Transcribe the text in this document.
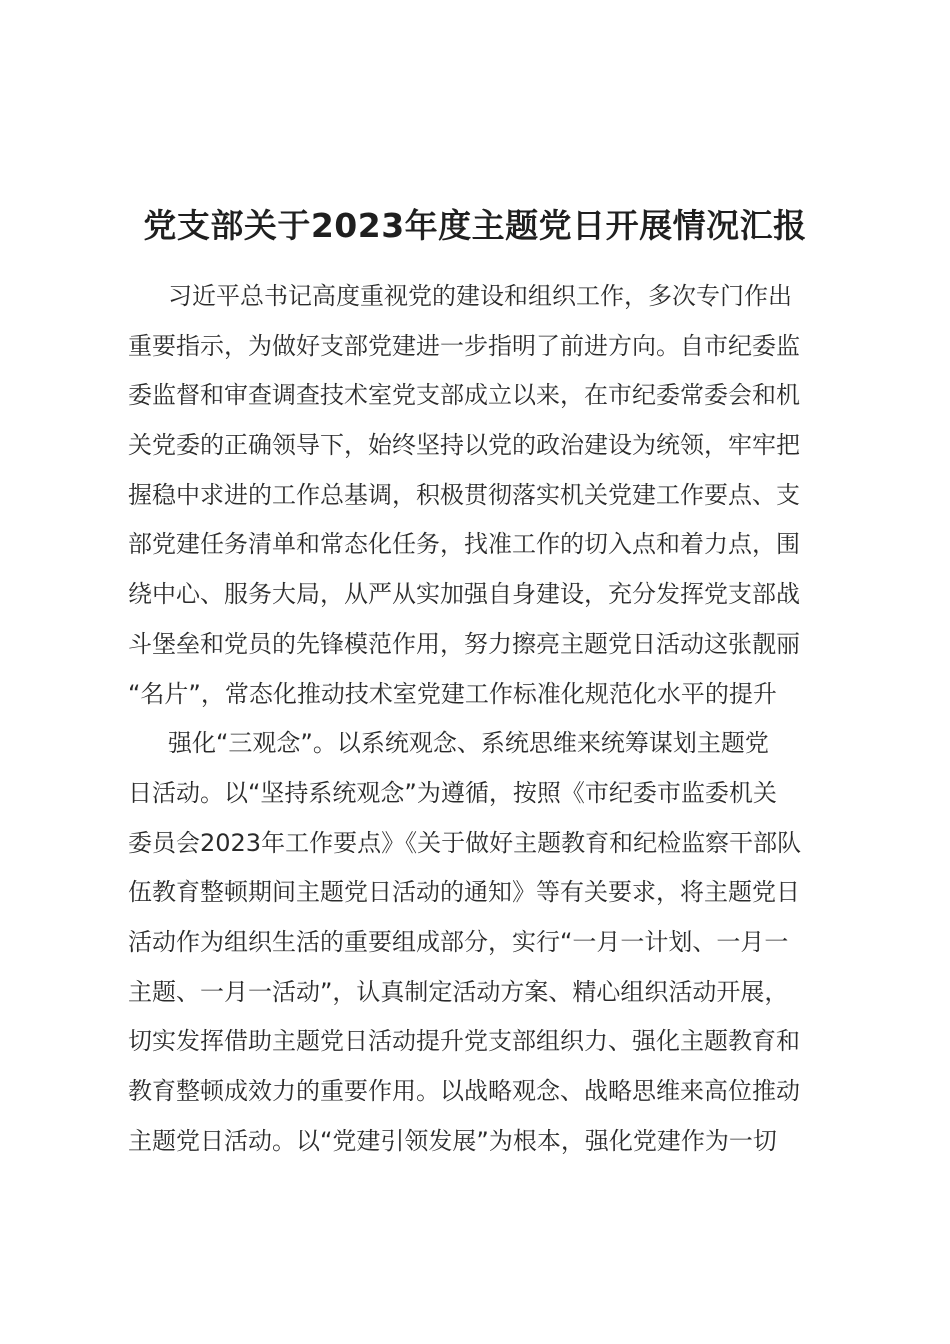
党支部关于2023年度主题党日开展情况汇报
习近平总书记高度重视党的建设和组织工作，多次专门作出
重要指示，为做好支部党建进一步指明了前进方向。自市纪委监
委监督和审查调查技术室党支部成立以来，在市纪委常委会和机
关党委的正确领导下，始终坚持以党的政治建设为统领，牢牢把
握稳中求进的工作总基调，积极贯彻落实机关党建工作要点、支
部党建任务清单和常态化任务，找准工作的切入点和着力点，围
绕中心、服务大局，从严从实加强自身建设，充分发挥党支部战
斗堡垒和党员的先锋模范作用，努力擦亮主题党日活动这张靓丽
“名片”，常态化推动技术室党建工作标准化规范化水平的提升
强化“三观念”。以系统观念、系统思维来统筹谋划主题党
日活动。以“坚持系统观念”为遵循，按照《市纪委市监委机关
委员会2023年工作要点》《关于做好主题教育和纪检监察干部队
伍教育整顿期间主题党日活动的通知》等有关要求，将主题党日
活动作为组织生活的重要组成部分，实行“一月一计划、一月一
主题、一月一活动”，认真制定活动方案、精心组织活动开展，
切实发挥借助主题党日活动提升党支部组织力、强化主题教育和
教育整顿成效力的重要作用。以战略观念、战略思维来高位推动
主题党日活动。以“党建引领发展”为根本，强化党建作为一切
